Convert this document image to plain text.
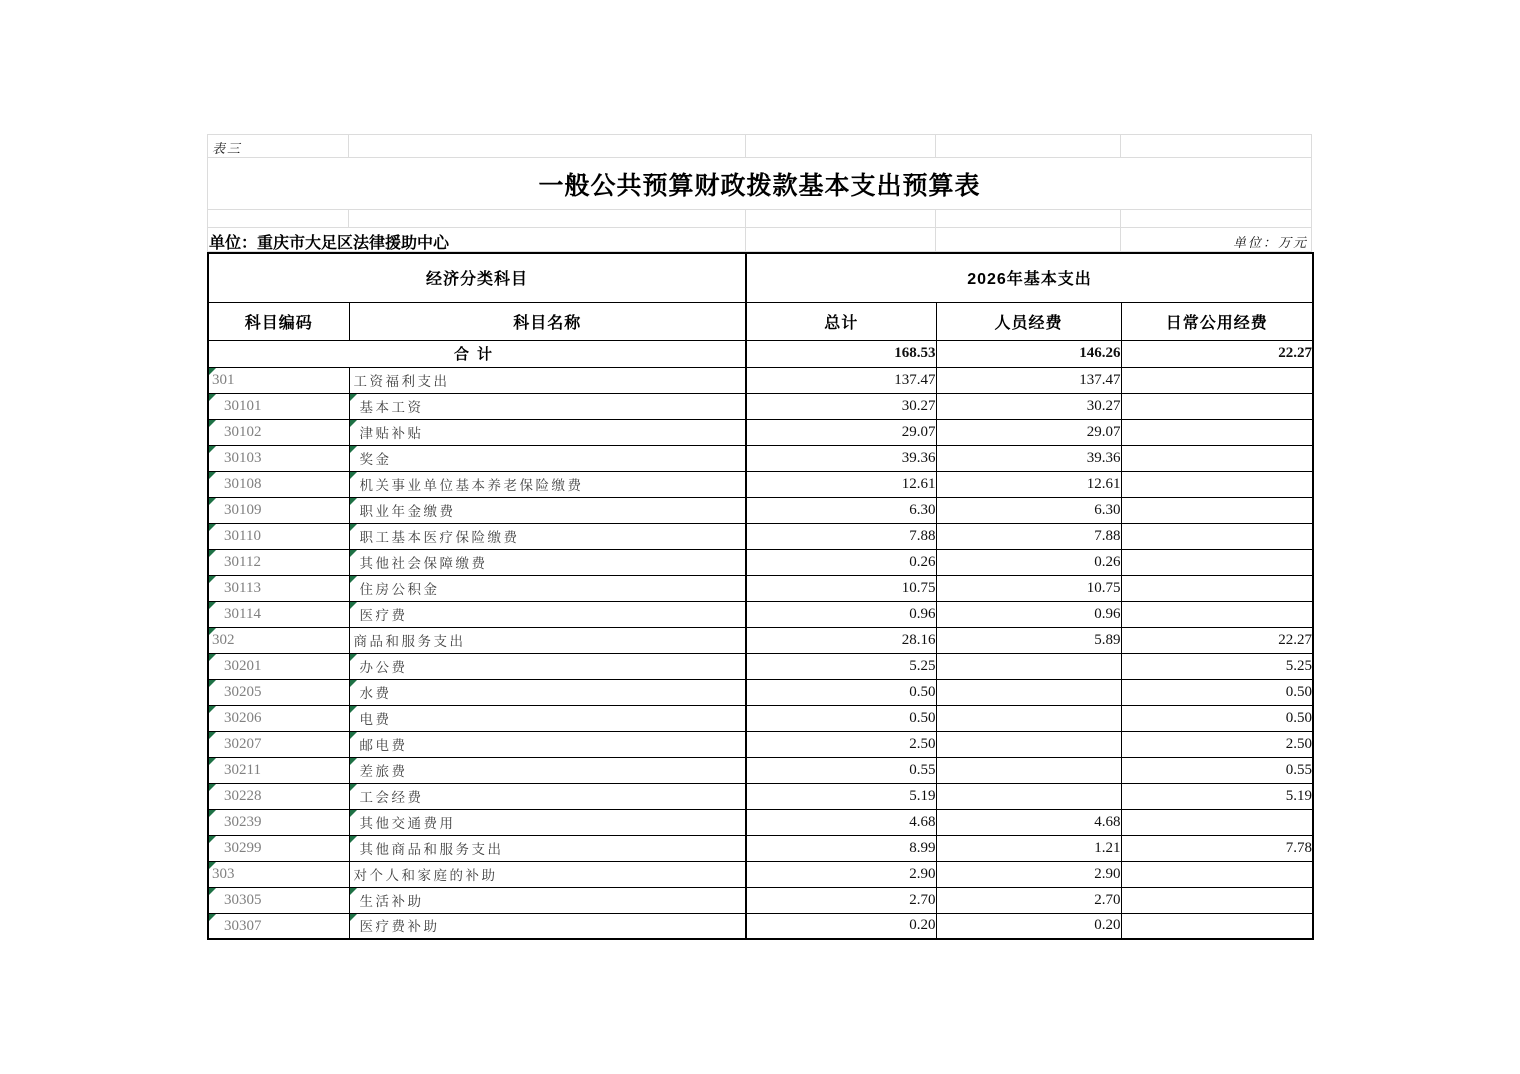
表三
一般公共预算财政拨款基本支出预算表
单位：重庆市大足区法律援助中心	单位：万元
经济分类科目		2026年基本支出		
科目编码	科目名称	总计	人员经费	日常公用经费
合计		168.53	146.26	22.27

301	工资福利支出	137.47	137.47	

30101	基本工资	30.27	30.27	

30102	津贴补贴	29.07	29.07	

30103	奖金	39.36	39.36	

30108	机关事业单位基本养老保险缴费	12.61	12.61	

30109	职业年金缴费	6.30	6.30	

30110	职工基本医疗保险缴费	7.88	7.88	

30112	其他社会保障缴费	0.26	0.26	

30113	住房公积金	10.75	10.75	

30114	医疗费	0.96	0.96	

302	商品和服务支出	28.16	5.89	22.27

30201	办公费	5.25		5.25

30205	水费	0.50		0.50

30206	电费	0.50		0.50

30207	邮电费	2.50		2.50

30211	差旅费	0.55		0.55

30228	工会经费	5.19		5.19

30239	其他交通费用	4.68	4.68	

30299	其他商品和服务支出	8.99	1.21	7.78

303	对个人和家庭的补助	2.90	2.90	

30305	生活补助	2.70	2.70	

30307	医疗费补助	0.20	0.20	
